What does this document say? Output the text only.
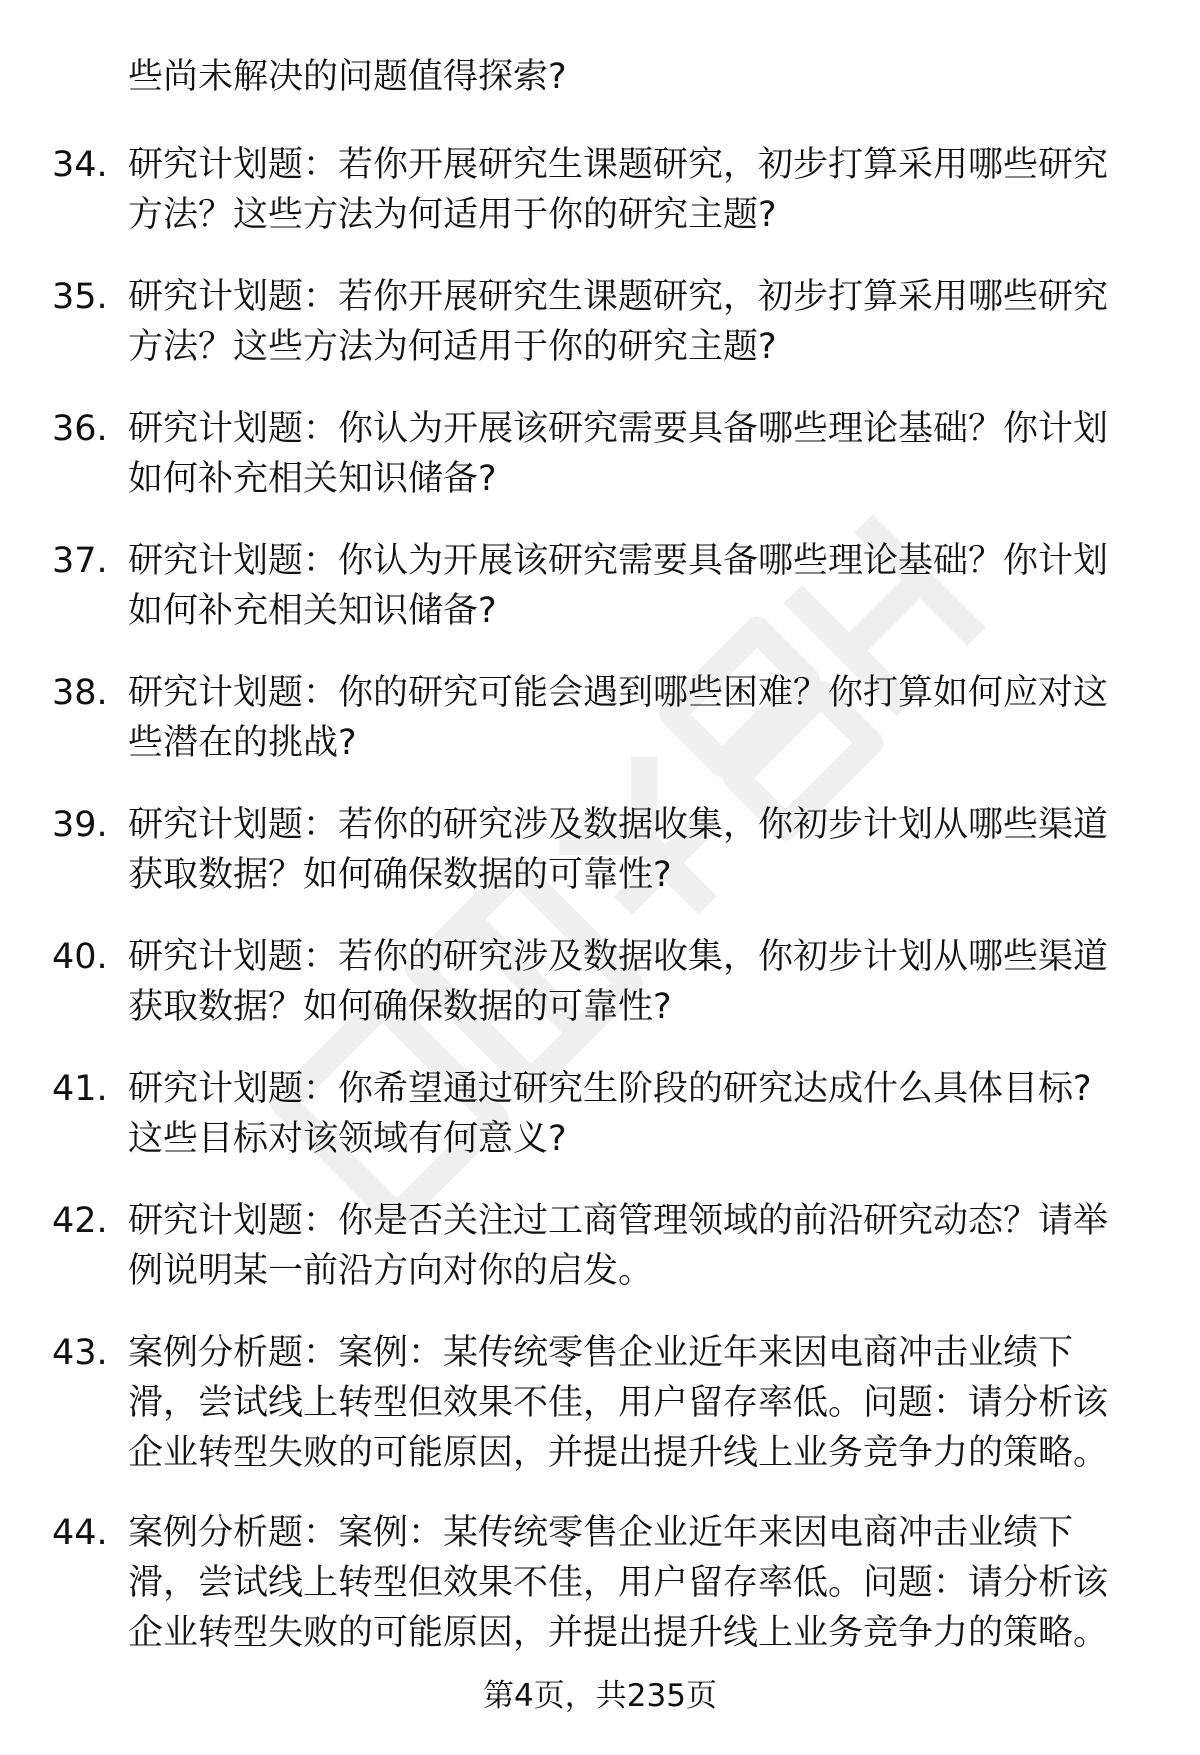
些尚未解决的问题值得探索?
34. 研究计划题：若你开展研究生课题研究，初步打算采用哪些研究
方法？这些方法为何适用于你的研究主题?
35. 研究计划题：若你开展研究生课题研究，初步打算采用哪些研究
方法？这些方法为何适用于你的研究主题?
36. 研究计划题：你认为开展该研究需要具备哪些理论基础？你计划
如何补充相关知识储备?
37. 研究计划题：你认为开展该研究需要具备哪些理论基础？你计划
如何补充相关知识储备?
38. 研究计划题：你的研究可能会遇到哪些困难？你打算如何应对这
些潜在的挑战?
39. 研究计划题：若你的研究涉及数据收集，你初步计划从哪些渠道
获取数据？如何确保数据的可靠性?
40. 研究计划题：若你的研究涉及数据收集，你初步计划从哪些渠道
获取数据？如何确保数据的可靠性?
41. 研究计划题：你希望通过研究生阶段的研究达成什么具体目标?
这些目标对该领域有何意义?
42. 研究计划题：你是否关注过工商管理领域的前沿研究动态？请举
例说明某一前沿方向对你的启发。
43. 案例分析题：案例：某传统零售企业近年来因电商冲击业绩下
滑，尝试线上转型但效果不佳，用户留存率低。问题：请分析该
企业转型失败的可能原因，并提出提升线上业务竞争力的策略。
44. 案例分析题：案例：某传统零售企业近年来因电商冲击业绩下
滑，尝试线上转型但效果不佳，用户留存率低。问题：请分析该
企业转型失败的可能原因，并提出提升线上业务竞争力的策略。
第4页，共235页
